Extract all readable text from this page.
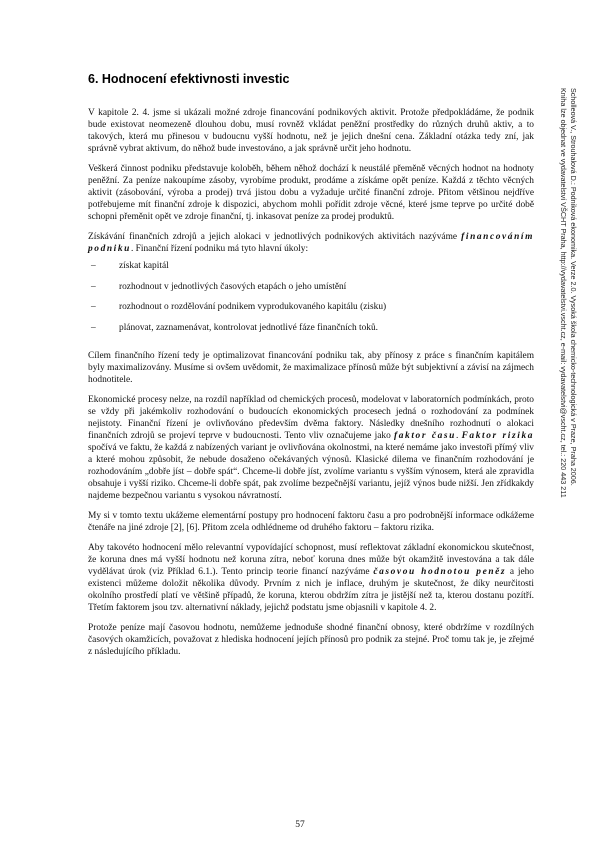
6. Hodnocení efektivnosti investic
Scholleová V., Strouhalová D.: Podniková ekonomika. Verze 2.0. Vysoká škola chemicko-technologická v Praze, Praha 2006.
Kniha lze objednat ve vydavatelství VŠCHT Praha, http://vydavatelstvi.vscht.cz, e-mail: vydavatelstvi@vscht.cz, tel.: 220 443 211

V kapitole 2. 4. jsme si ukázali možné zdroje financování podnikových aktivit. Protože předpokládáme, že podnik bude existovat neomezeně dlouhou dobu, musí rovněž vkládat peněžní prostředky do různých druhů aktiv, a to takových, která mu přinesou v budoucnu vyšší hodnotu, než je jejich dnešní cena. Základní otázka tedy zní, jak správně vybrat aktivum, do něhož bude investováno, a jak správně určit jeho hodnotu.

Veškerá činnost podniku představuje koloběh, během něhož dochází k neustálé přeměně věcných hodnot na hodnoty peněžní. Za peníze nakoupíme zásoby, vyrobíme produkt, prodáme a získáme opět peníze. Každá z těchto věcných aktivit (zásobování, výroba a prodej) trvá jistou dobu a vyžaduje určité finanční zdroje. Přitom většinou nejdříve potřebujeme mít finanční zdroje k dispozici, abychom mohli pořídit zdroje věcné, které jsme teprve po určité době schopni přeměnit opět ve zdroje finanční, tj. inkasovat peníze za prodej produktů.

Získávání finančních zdrojů a jejich alokaci v jednotlivých podnikových aktivitách nazýváme financováním podniku. Finanční řízení podniku má tyto hlavní úkoly:

– získat kapitál
– rozhodnout v jednotlivých časových etapách o jeho umístění
– rozhodnout o rozdělování podnikem vyprodukovaného kapitálu (zisku)
– plánovat, zaznamenávat, kontrolovat jednotlivé fáze finančních toků.

Cílem finančního řízení tedy je optimalizovat financování podniku tak, aby přínosy z práce s finančním kapitálem byly maximalizovány. Musíme si ovšem uvědomit, že maximalizace přínosů může být subjektivní a závisí na zájmech hodnotitele.

Ekonomické procesy nelze, na rozdíl například od chemických procesů, modelovat v laboratorních podmínkách, proto se vždy při jakémkoliv rozhodování o budoucích ekonomických procesech jedná o rozhodování za podmínek nejistoty. Finanční řízení je ovlivňováno především dvěma faktory. Následky dnešního rozhodnutí o alokaci finančních zdrojů se projeví teprve v budoucnosti. Tento vliv označujeme jako faktor času. Faktor rizika spočívá ve faktu, že každá z nabízených variant je ovlivňována okolnostmi, na které nemáme jako investoři přímý vliv a které mohou způsobit, že nebude dosaženo očekávaných výnosů. Klasické dilema ve finančním rozhodování je rozhodováním „dobře jíst – dobře spát“. Chceme-li dobře jíst, zvolíme variantu s vyšším výnosem, která ale zpravidla obsahuje i vyšší riziko. Chceme-li dobře spát, pak zvolíme bezpečnější variantu, jejíž výnos bude nižší. Jen zřídkakdy najdeme bezpečnou variantu s vysokou návratností.

My si v tomto textu ukážeme elementární postupy pro hodnocení faktoru času a pro podrobnější informace odkážeme čtenáře na jiné zdroje [2], [6]. Přitom zcela odhlédneme od druhého faktoru – faktoru rizika.

Aby takovéto hodnocení mělo relevantní vypovídající schopnost, musí reflektovat základní ekonomickou skutečnost, že koruna dnes má vyšší hodnotu než koruna zítra, neboť koruna dnes může být okamžitě investována a tak dále vydělávat úrok (viz Příklad 6.1.). Tento princip teorie financí nazýváme časovou hodnotou peněz a jeho existenci můžeme doložit několika důvody. Prvním z nich je inflace, druhým je skutečnost, že díky neurčitosti okolního prostředí platí ve většině případů, že koruna, kterou obdržím zítra je jistější než ta, kterou dostanu pozítří. Třetím faktorem jsou tzv. alternativní náklady, jejichž podstatu jsme objasnili v kapitole 4. 2.

Protože peníze mají časovou hodnotu, nemůžeme jednoduše shodné finanční obnosy, které obdržíme v rozdílných časových okamžicích, považovat z hlediska hodnocení jejích přínosů pro podnik za stejné. Proč tomu tak je, je zřejmé z následujícího příkladu.

57
